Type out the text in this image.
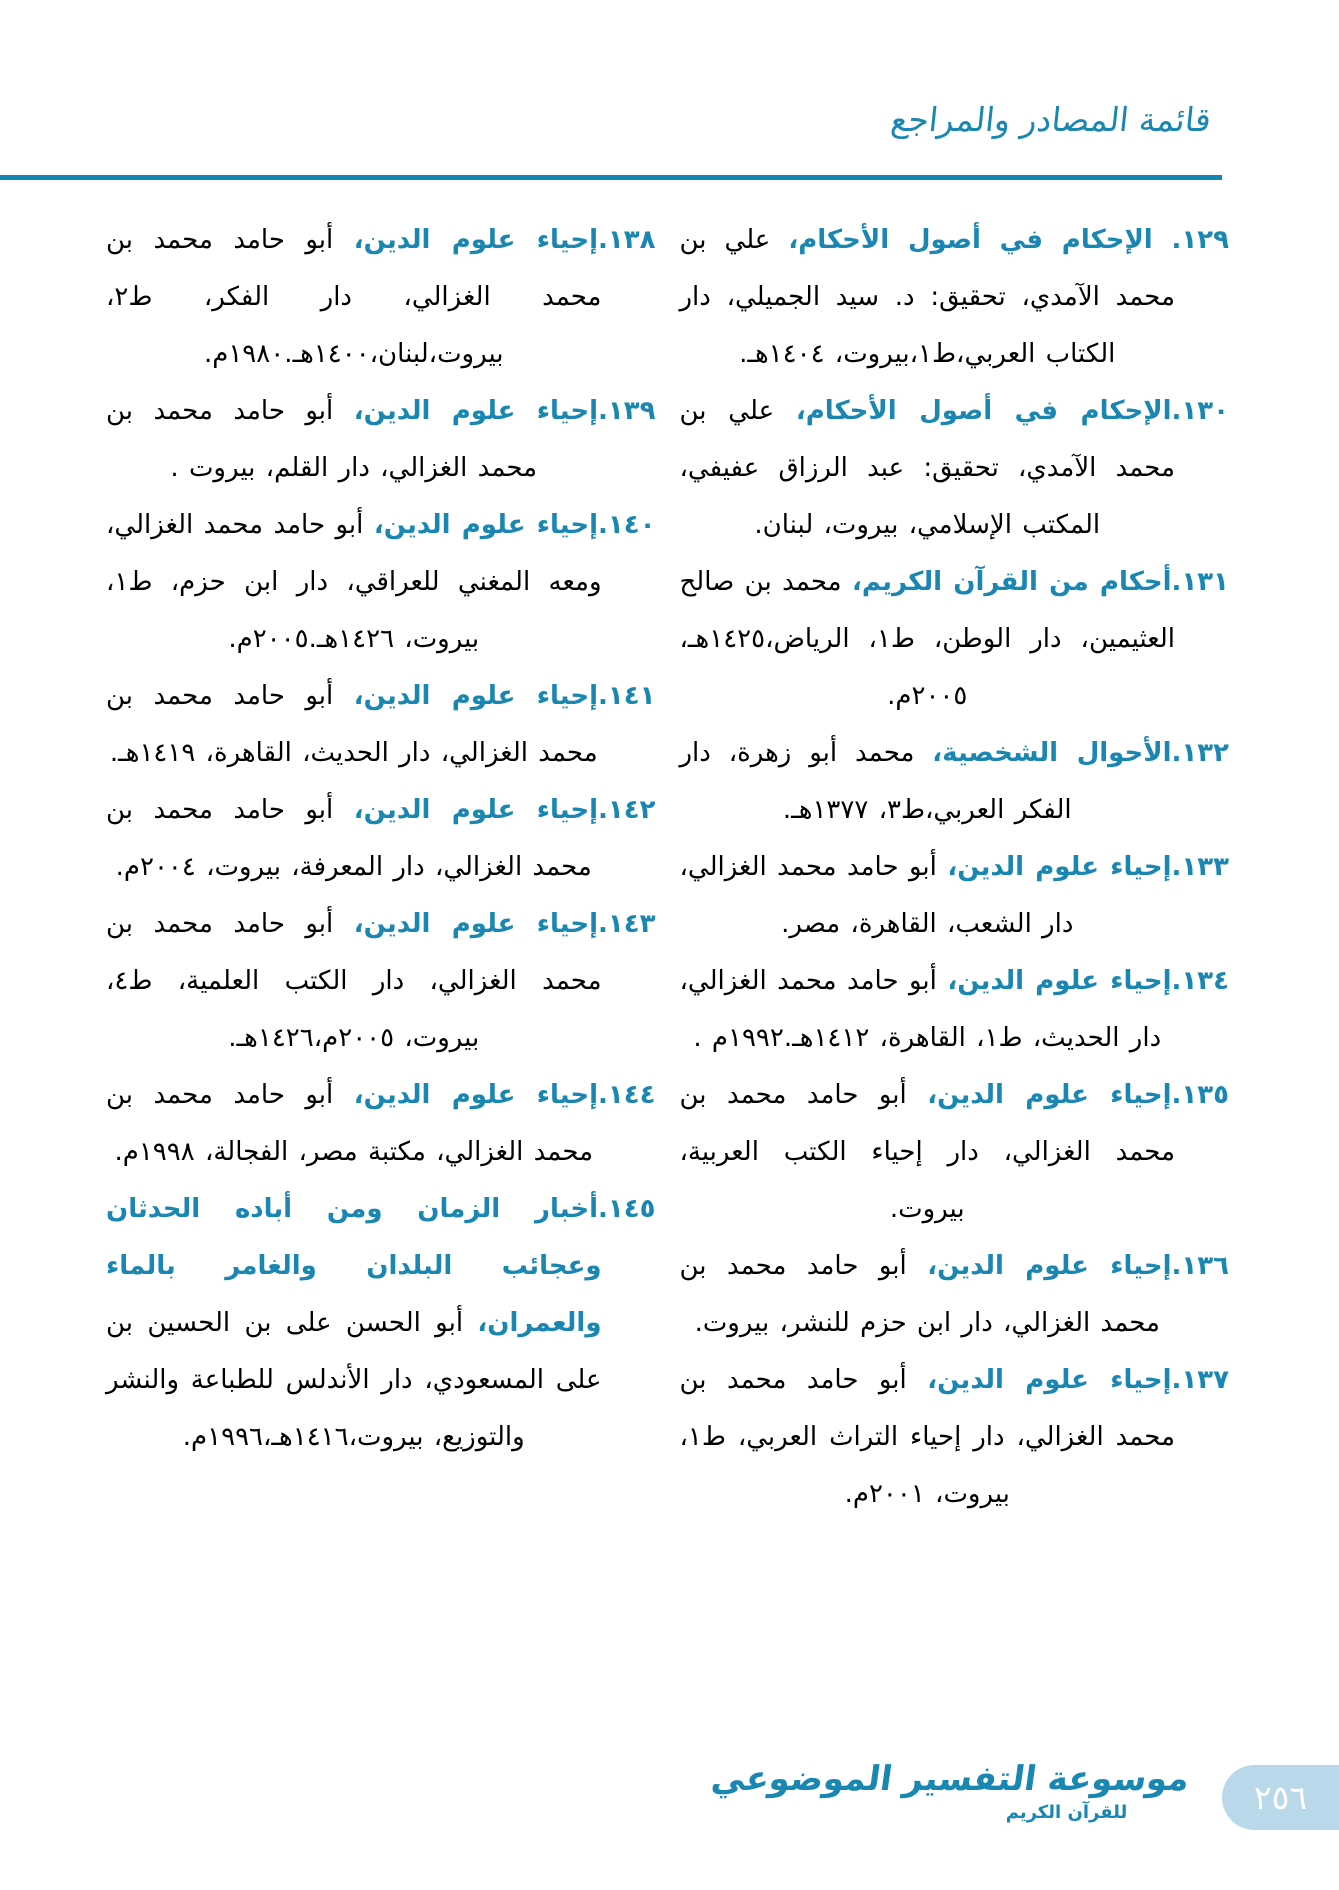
قائمة المصادر والمراجع

١٢٩. الإحكام في أصول الأحكام، علي بن محمد الآمدي، تحقيق: د. سيد الجميلي، دار الكتاب العربي،ط١،بيروت، ١٤٠٤هـ.

١٣٠.الإحكام في أصول الأحكام، علي بن محمد الآمدي، تحقيق: عبد الرزاق عفيفي، المكتب الإسلامي، بيروت، لبنان.

١٣١.أحكام من القرآن الكريم، محمد بن صالح العثيمين، دار الوطن، ط١، الرياض،١٤٢٥هـ، ٢٠٠٥م.

١٣٢.الأحوال الشخصية، محمد أبو زهرة، دار الفكر العربي،ط٣، ١٣٧٧هـ.

١٣٣.إحياء علوم الدين، أبو حامد محمد الغزالي، دار الشعب، القاهرة، مصر.

١٣٤.إحياء علوم الدين، أبو حامد محمد الغزالي، دار الحديث، ط١، القاهرة، ١٤١٢هـ.١٩٩٢م .

١٣٥.إحياء علوم الدين، أبو حامد محمد بن محمد الغزالي، دار إحياء الكتب العربية، بيروت.

١٣٦.إحياء علوم الدين، أبو حامد محمد بن محمد الغزالي، دار ابن حزم للنشر، بيروت.

١٣٧.إحياء علوم الدين، أبو حامد محمد بن محمد الغزالي، دار إحياء التراث العربي، ط١، بيروت، ٢٠٠١م.

١٣٨.إحياء علوم الدين، أبو حامد محمد بن محمد الغزالي، دار الفكر، ط٢، بيروت،لبنان،١٤٠٠هـ.١٩٨٠م.

١٣٩.إحياء علوم الدين، أبو حامد محمد بن محمد الغزالي، دار القلم، بيروت .

١٤٠.إحياء علوم الدين، أبو حامد محمد الغزالي، ومعه المغني للعراقي، دار ابن حزم، ط١، بيروت، ١٤٢٦هـ.٢٠٠٥م.

١٤١.إحياء علوم الدين، أبو حامد محمد بن محمد الغزالي، دار الحديث، القاهرة، ١٤١٩هـ.

١٤٢.إحياء علوم الدين، أبو حامد محمد بن محمد الغزالي، دار المعرفة، بيروت، ٢٠٠٤م.

١٤٣.إحياء علوم الدين، أبو حامد محمد بن محمد الغزالي، دار الكتب العلمية، ط٤، بيروت، ٢٠٠٥م،١٤٢٦هـ.

١٤٤.إحياء علوم الدين، أبو حامد محمد بن محمد الغزالي، مكتبة مصر، الفجالة، ١٩٩٨م.

١٤٥.أخبار الزمان ومن أباده الحدثان وعجائب البلدان والغامر بالماء والعمران، أبو الحسن على بن الحسين بن على المسعودي، دار الأندلس للطباعة والنشر والتوزيع، بيروت،١٤١٦هـ،١٩٩٦م.

موسوعة التفسير الموضوعي
للقرآن الكريم	٢٥٦
